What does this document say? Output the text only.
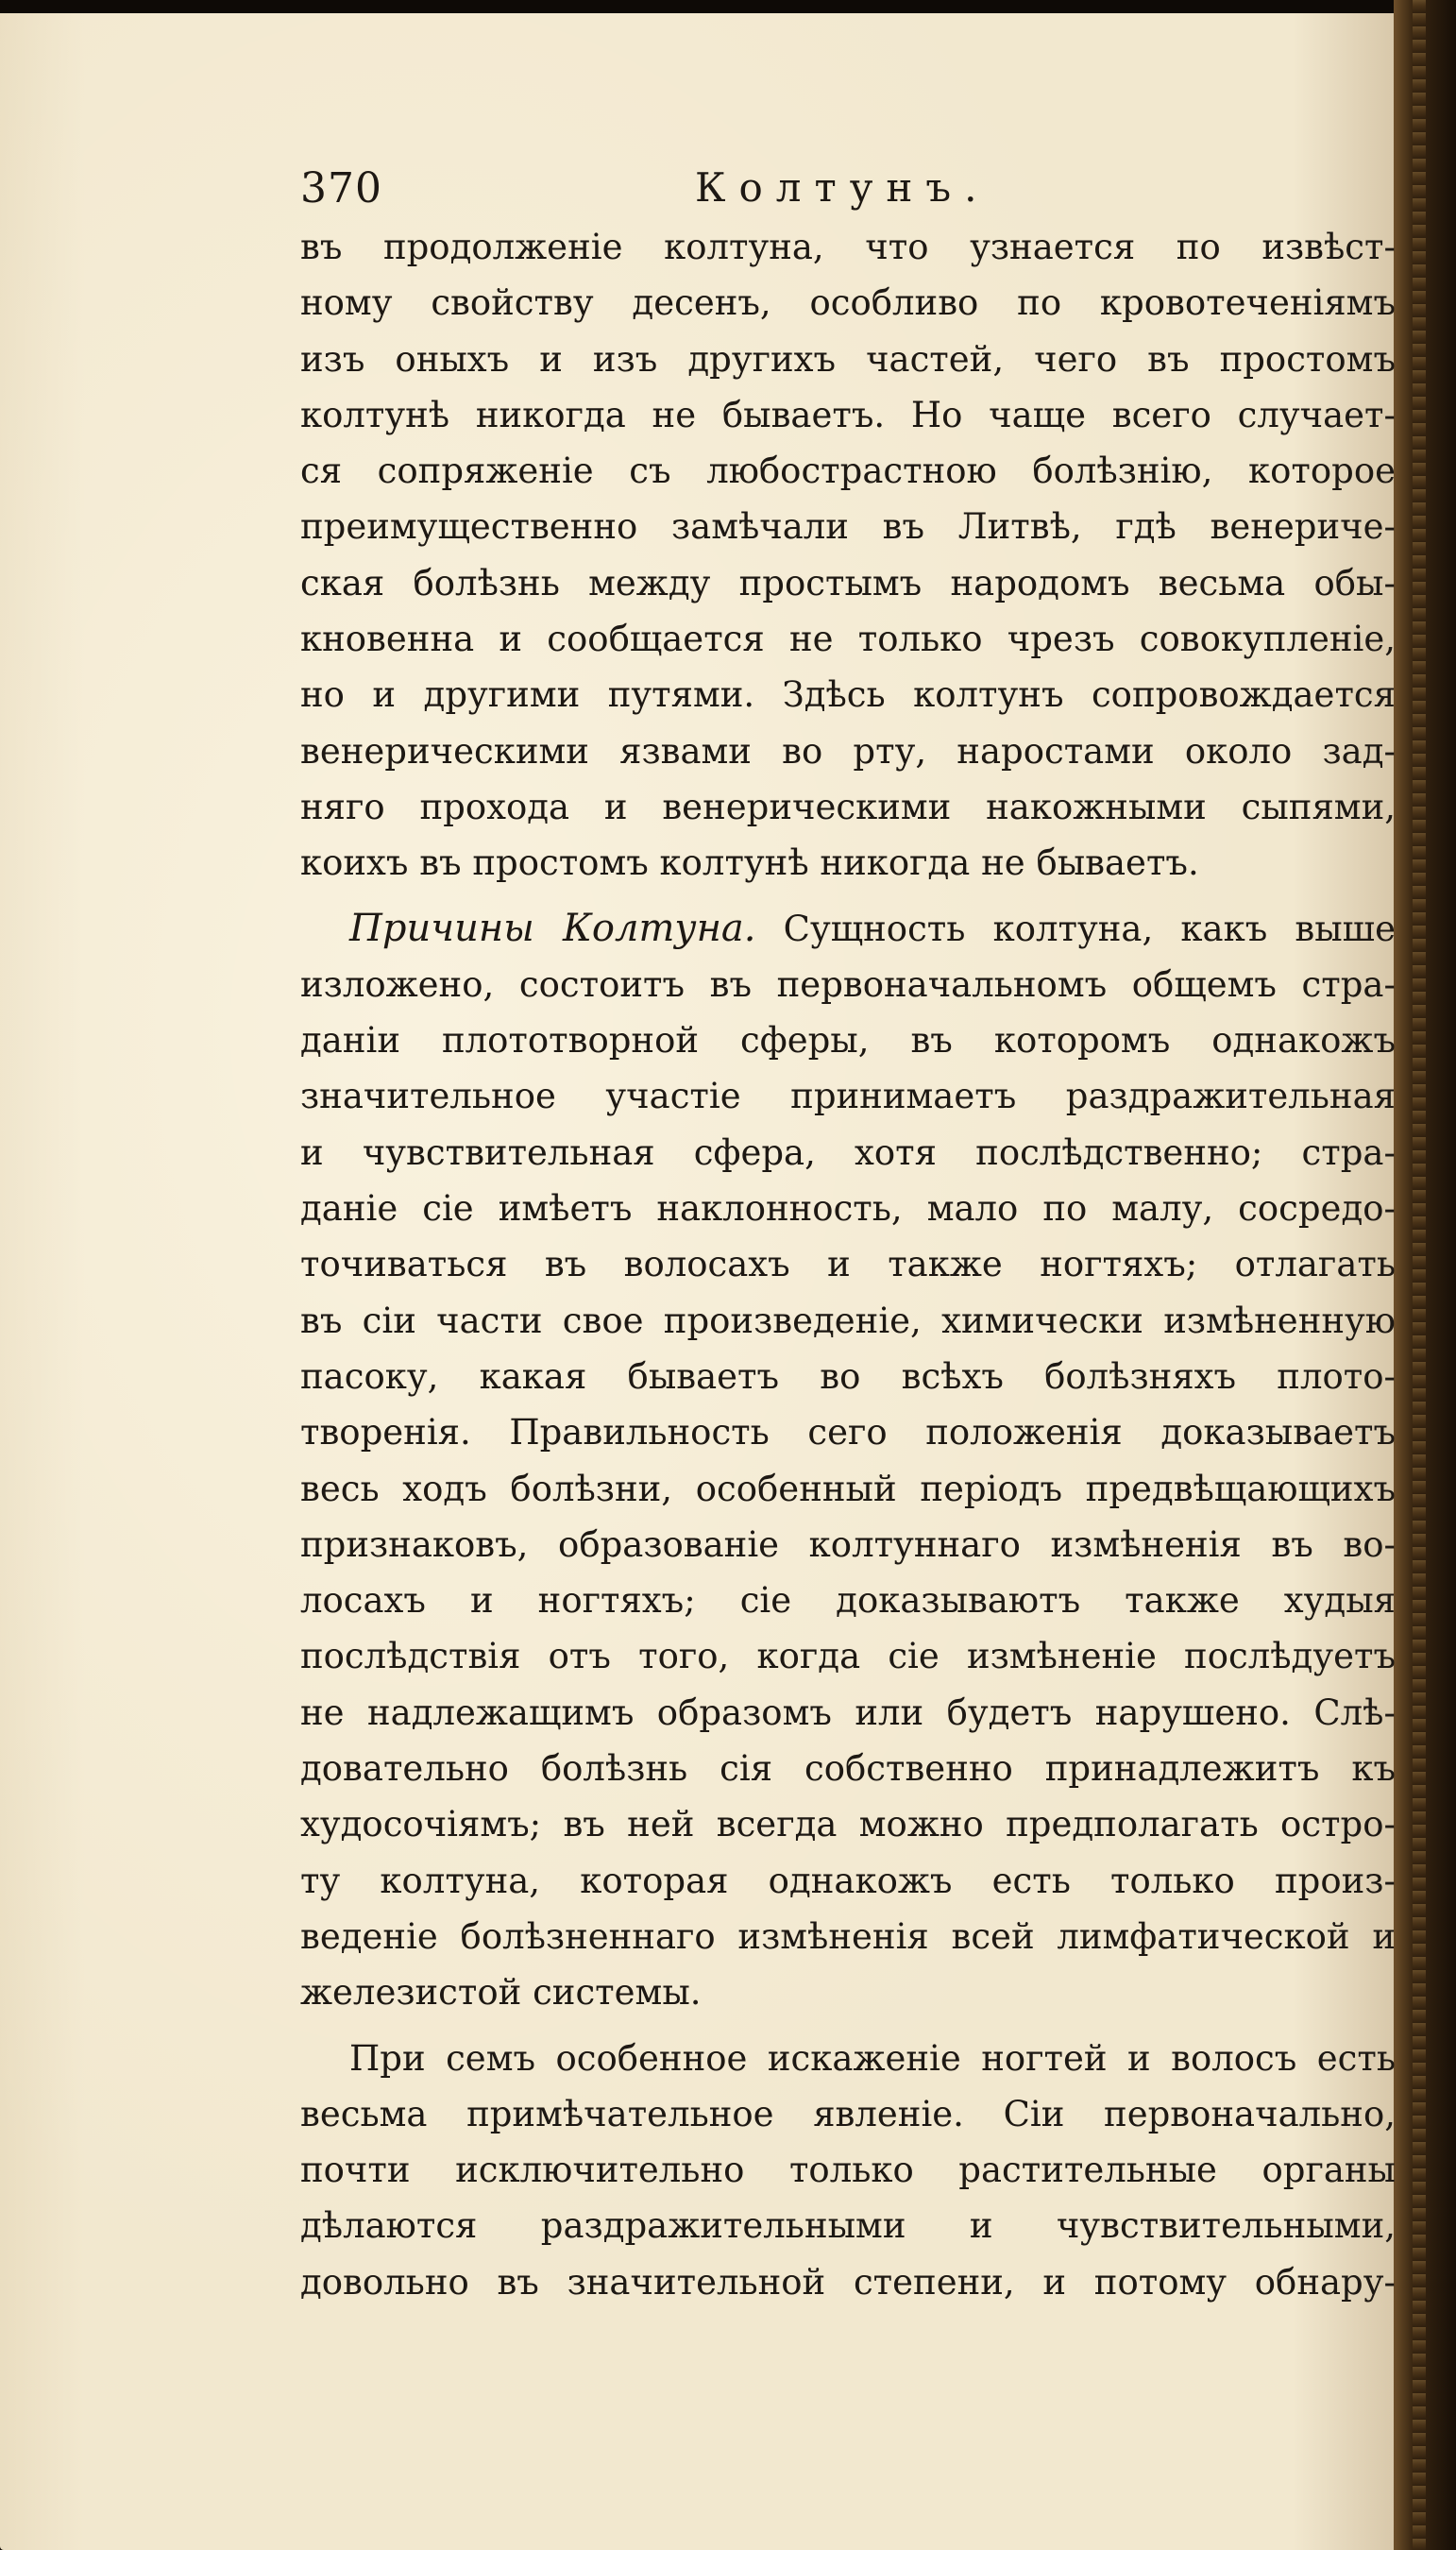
370	Колтунъ.

въ продолженіе колтуна, что узнается по извѣст-
ному свойству десенъ, особливо по кровотеченіямъ
изъ оныхъ и изъ другихъ частей, чего въ простомъ
колтунѣ никогда не бываетъ. Но чаще всего случает-
ся сопряженіе съ любострастною болѣзнію, которое
преимущественно замѣчали въ Литвѣ, гдѣ венериче-
ская болѣзнь между простымъ народомъ весьма обы-
кновенна и сообщается не только чрезъ совокупленіе,
но и другими путями. Здѣсь колтунъ сопровождается
венерическими язвами во рту, наростами около зад-
няго прохода и венерическими накожными сыпями,
коихъ въ простомъ колтунѣ никогда не бываетъ.

Причины Колтуна. Сущность колтуна, какъ выше
изложено, состоитъ въ первоначальномъ общемъ стра-
даніи плототворной сферы, въ которомъ однакожъ
значительное участіе принимаетъ раздражительная
и чувствительная сфера, хотя послѣдственно; стра-
даніе сіе имѣетъ наклонность, мало по малу, сосредо-
точиваться въ волосахъ и также ногтяхъ; отлагать
въ сіи части свое произведеніе, химически измѣненную
пасоку, какая бываетъ во всѣхъ болѣзняхъ плото-
творенія. Правильность сего положенія доказываетъ
весь ходъ болѣзни, особенный періодъ предвѣщающихъ
признаковъ, образованіе колтуннаго измѣненія въ во-
лосахъ и ногтяхъ; сіе доказываютъ также худыя
послѣдствія отъ того, когда сіе измѣненіе послѣдуетъ
не надлежащимъ образомъ или будетъ нарушено. Слѣ-
довательно болѣзнь сія собственно принадлежитъ къ
худосочіямъ; въ ней всегда можно предполагать остро-
ту колтуна, которая однакожъ есть только произ-
веденіе болѣзненнаго измѣненія всей лимфатической и
железистой системы.

При семъ особенное искаженіе ногтей и волосъ есть
весьма примѣчательное явленіе. Сіи первоначально,
почти исключительно только растительные органы
дѣлаются раздражительными и чувствительными,
довольно въ значительной степени, и потому обнару-
